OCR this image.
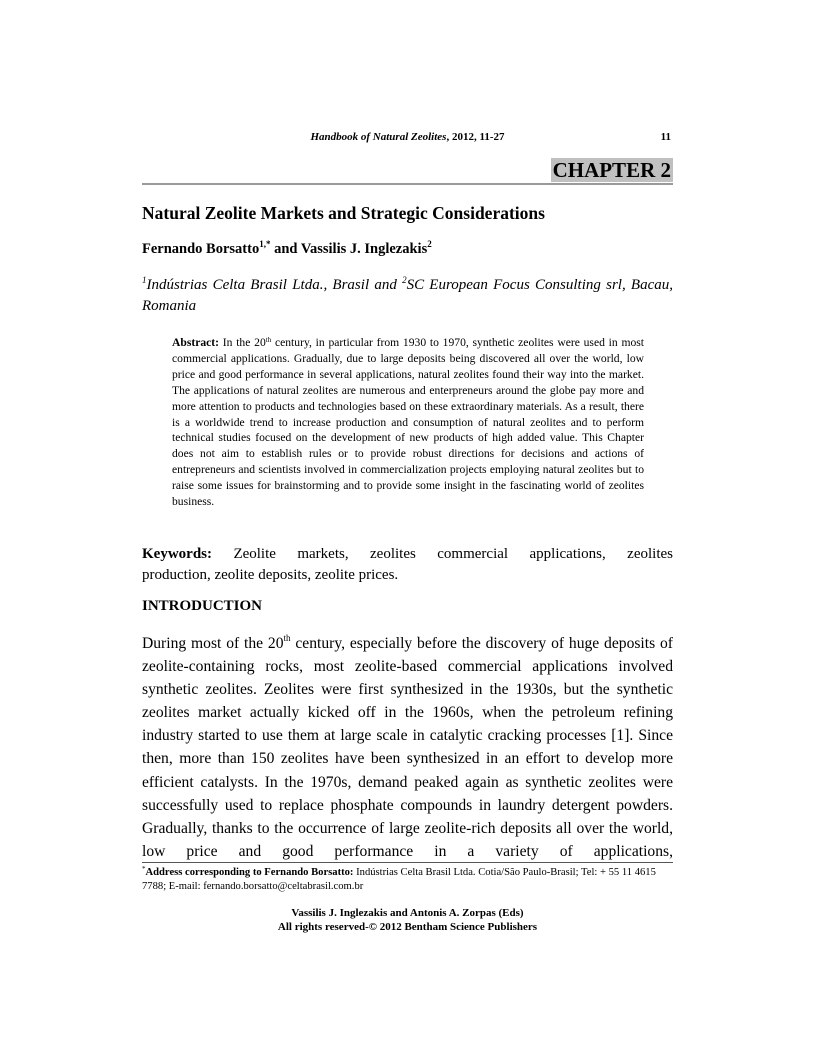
Handbook of Natural Zeolites, 2012, 11-27	11
CHAPTER 2
Natural Zeolite Markets and Strategic Considerations
Fernando Borsatto$^{1,*}$ and Vassilis J. Inglezakis$^2$
$^1$Indústrias Celta Brasil Ltda., Brasil and $^2$SC European Focus Consulting srl, Bacau, Romania
Abstract: In the 20th century, in particular from 1930 to 1970, synthetic zeolites were used in most commercial applications. Gradually, due to large deposits being discovered all over the world, low price and good performance in several applications, natural zeolites found their way into the market. The applications of natural zeolites are numerous and enterpreneurs around the globe pay more and more attention to products and technologies based on these extraordinary materials. As a result, there is a worldwide trend to increase production and consumption of natural zeolites and to perform technical studies focused on the development of new products of high added value. This Chapter does not aim to establish rules or to provide robust directions for decisions and actions of entrepreneurs and scientists involved in commercialization projects employing natural zeolites but to raise some issues for brainstorming and to provide some insight in the fascinating world of zeolites business.
Keywords: Zeolite markets, zeolites commercial applications, zeolites
production, zeolite deposits, zeolite prices.
INTRODUCTION
During most of the 20th century, especially before the discovery of huge deposits of zeolite-containing rocks, most zeolite-based commercial applications involved synthetic zeolites. Zeolites were first synthesized in the 1930s, but the synthetic zeolites market actually kicked off in the 1960s, when the petroleum refining industry started to use them at large scale in catalytic cracking processes [1]. Since then, more than 150 zeolites have been synthesized in an effort to develop more efficient catalysts. In the 1970s, demand peaked again as synthetic zeolites were successfully used to replace phosphate compounds in laundry detergent powders. Gradually, thanks to the occurrence of large zeolite-rich deposits all over the world, low price and good performance in a variety of applications,
*Address corresponding to Fernando Borsatto: Indústrias Celta Brasil Ltda. Cotia/São Paulo-Brasil; Tel: + 55 11 4615 7788; E-mail: fernando.borsatto@celtabrasil.com.br
Vassilis J. Inglezakis and Antonis A. Zorpas (Eds)
All rights reserved-© 2012 Bentham Science Publishers
